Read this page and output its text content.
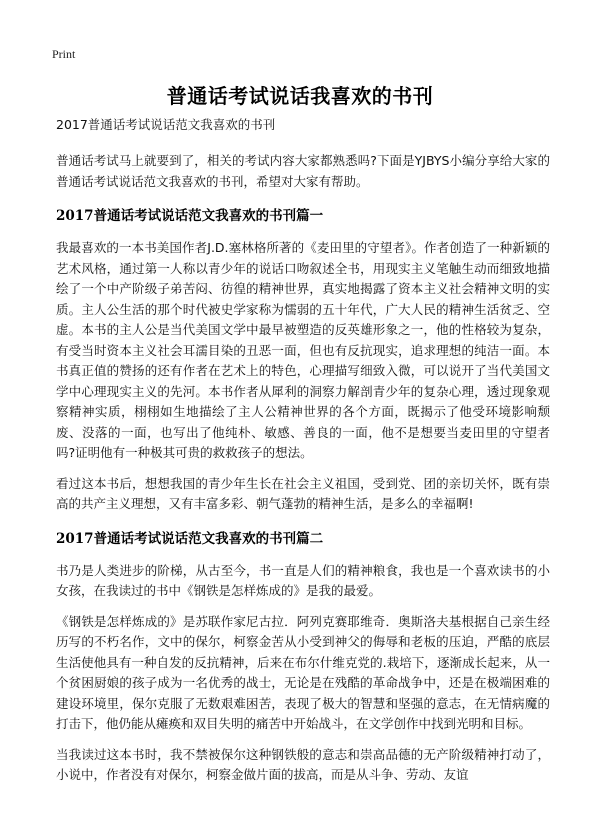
Print
普通话考试说话我喜欢的书刊

2017普通话考试说话范文我喜欢的书刊

普通话考试马上就要到了，相关的考试内容大家都熟悉吗?下面是YJBYS小编分享给大家的普通话考试说话范文我喜欢的书刊，希望对大家有帮助。

2017普通话考试说话范文我喜欢的书刊篇一

我最喜欢的一本书美国作者J.D.塞林格所著的《麦田里的守望者》。作者创造了一种新颖的艺术风格，通过第一人称以青少年的说话口吻叙述全书，用现实主义笔触生动而细致地描绘了一个中产阶级子弟苦闷、彷徨的精神世界，真实地揭露了资本主义社会精神文明的实质。主人公生活的那个时代被史学家称为懦弱的五十年代，广大人民的精神生活贫乏、空虚。本书的主人公是当代美国文学中最早被塑造的反英雄形象之一，他的性格较为复杂，有受当时资本主义社会耳濡目染的丑恶一面，但也有反抗现实，追求理想的纯洁一面。本书真正值的赞扬的还有作者在艺术上的特色，心理描写细致入微，可以说开了当代美国文学中心理现实主义的先河。本书作者从犀利的洞察力解剖青少年的复杂心理，透过现象观察精神实质，栩栩如生地描绘了主人公精神世界的各个方面，既揭示了他受环境影响颓废、没落的一面，也写出了他纯朴、敏感、善良的一面，他不是想要当麦田里的守望者吗?证明他有一种极其可贵的救救孩子的想法。

看过这本书后，想想我国的青少年生长在社会主义祖国，受到党、团的亲切关怀，既有崇高的共产主义理想，又有丰富多彩、朝气蓬勃的精神生活，是多么的幸福啊!

2017普通话考试说话范文我喜欢的书刊篇二

书乃是人类进步的阶梯，从古至今，书一直是人们的精神粮食，我也是一个喜欢读书的小女孩，在我读过的书中《钢铁是怎样炼成的》是我的最爱。

《钢铁是怎样炼成的》是苏联作家尼古拉．阿列克赛耶维奇．奥斯洛夫基根据自己亲生经历写的不朽名作，文中的保尔，柯察金苦从小受到神父的侮辱和老板的压迫，严酷的底层生活使他具有一种自发的反抗精神，后来在布尔什维克党的.栽培下，逐渐成长起来，从一个贫困厨娘的孩子成为一名优秀的战士，无论是在残酷的革命战争中，还是在极端困难的建设环境里，保尔克服了无数艰难困苦，表现了极大的智慧和坚强的意志，在无情病魔的打击下，他仍能从瘫痪和双目失明的痛苦中开始战斗，在文学创作中找到光明和目标。

当我读过这本书时，我不禁被保尔这种钢铁般的意志和崇高品德的无产阶级精神打动了，小说中，作者没有对保尔，柯察金做片面的拔高，而是从斗争、劳动、友谊
